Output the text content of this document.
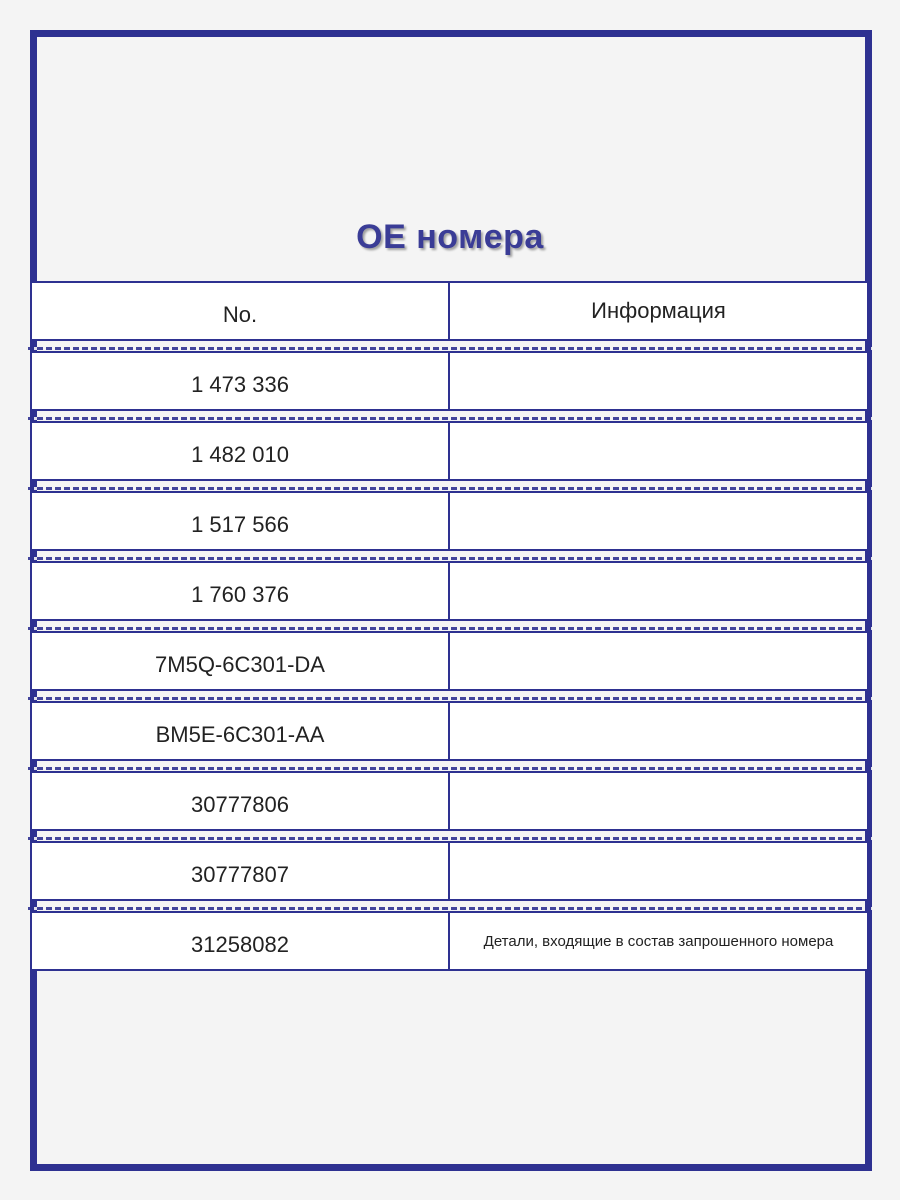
OE номера
No.	Информация
1 473 336
1 482 010
1 517 566
1 760 376
7M5Q-6C301-DA
BM5E-6C301-AA
30777806
30777807
31258082	Детали, входящие в состав запрошенного номера
